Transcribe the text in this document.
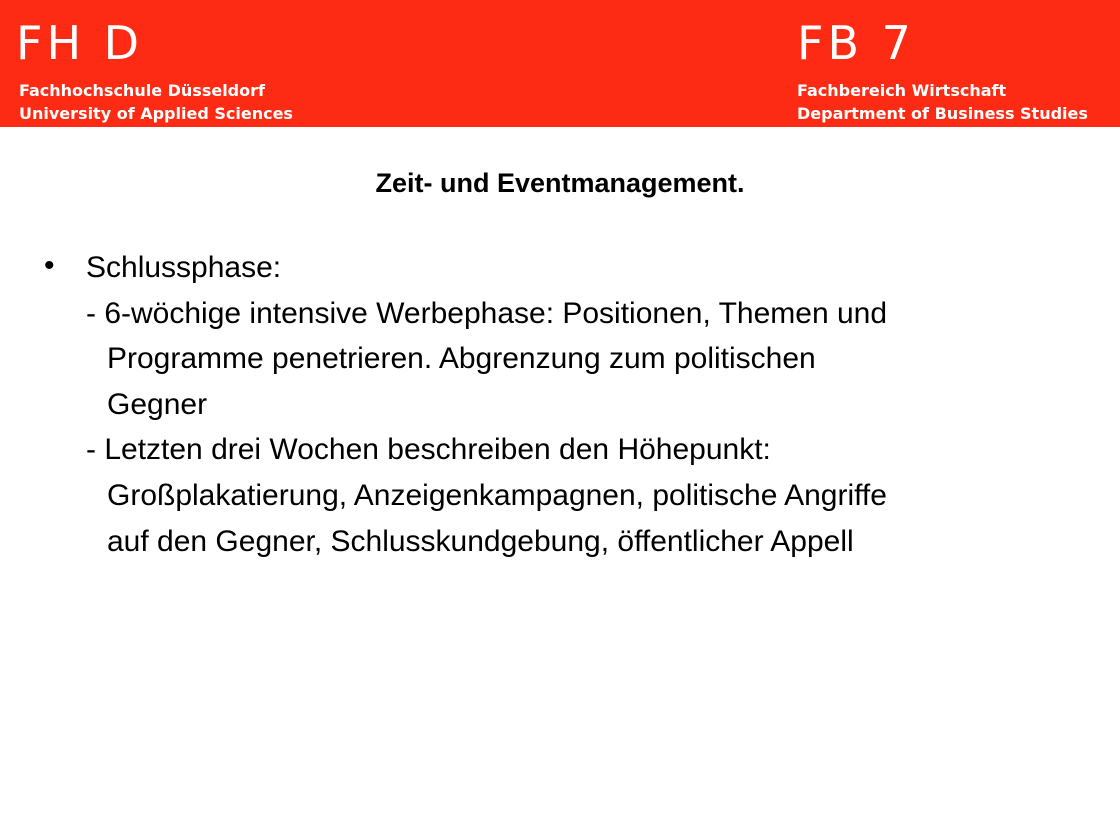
FH D
Fachhochschule Düsseldorf
University of Applied Sciences
FB 7
Fachbereich Wirtschaft
Department of Business Studies
Zeit- und Eventmanagement.
• Schlussphase:
- 6-wöchige intensive Werbephase: Positionen, Themen und
Programme penetrieren. Abgrenzung zum politischen
Gegner
- Letzten drei Wochen beschreiben den Höhepunkt:
Großplakatierung, Anzeigenkampagnen, politische Angriffe
auf den Gegner, Schlusskundgebung, öffentlicher Appell
